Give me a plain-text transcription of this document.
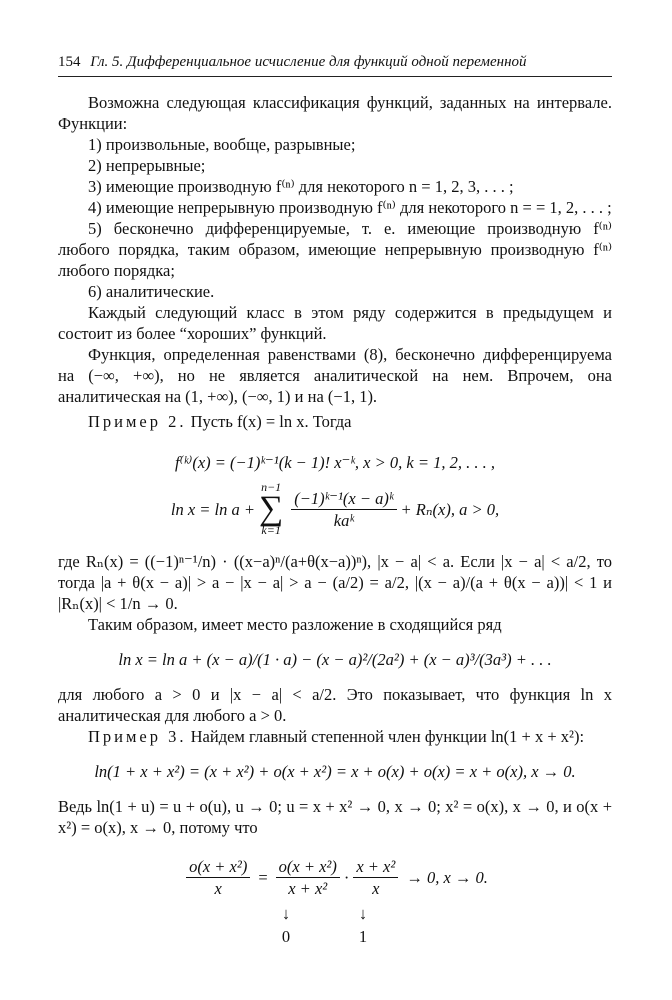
154 Гл. 5. Дифференциальное исчисление для функций одной переменной

Возможна следующая классификация функций, заданных на интервале. Функции:

1) произвольные, вообще, разрывные;

2) непрерывные;

3) имеющие производную f⁽ⁿ⁾ для некоторого n = 1, 2, 3, . . . ;

4) имеющие непрерывную производную f⁽ⁿ⁾ для некоторого n = = 1, 2, . . . ;

5) бесконечно дифференцируемые, т. е. имеющие производную f⁽ⁿ⁾ любого порядка, таким образом, имеющие непрерывную производную f⁽ⁿ⁾ любого порядка;

6) аналитические.

Каждый следующий класс в этом ряду содержится в предыдущем и состоит из более “хороших” функций.

Функция, определенная равенствами (8), бесконечно дифференцируема на (−∞, +∞), но не является аналитической на нем. Впрочем, она аналитическая на (1, +∞), (−∞, 1) и на (−1, 1).

Пример 2. Пусть f(x) = ln x. Тогда

f⁽ᵏ⁾(x) = (−1)ᵏ⁻¹(k − 1)! x⁻ᵏ, x > 0, k = 1, 2, . . . ,

ln x = ln a +
n−1
∑
$k=1 \frac{\text{(−1)ᵏ⁻¹(x − a)ᵏ}}{\text{kaᵏ}} + R_n(x)$, a > 0,

где Rₙ(x) = ((−1)ⁿ⁻¹/n) · ((x−a)ⁿ/(a+θ(x−a))ⁿ), |x − a| < a. Если |x − a| < a/2, то тогда |a + θ(x − a)| > a − |x − a| > a − (a/2) = a/2, |(x − a)/(a + θ(x − a))| < 1 и |Rₙ(x)| < 1/n → 0.

Таким образом, имеет место разложение в сходящийся ряд

ln x = ln a + (x − a)/(1 · a) − (x − a)²/(2a²) + (x − a)³/(3a³) + . . .

для любого a > 0 и |x − a| < a/2. Это показывает, что функция ln x аналитическая для любого a > 0.

Пример 3. Найдем главный степенной член функции ln(1 + x + x²):

ln(1 + x + x²) = (x + x²) + o(x + x²) = x + o(x) + o(x) = x + o(x), x → 0.

Ведь ln(1 + u) = u + o(u), u → 0; u = x + x² → 0, x → 0; x² = o(x), x → 0, и o(x + x²) = o(x), x → 0, потому что

$\frac{\text{o(x + x²)}}{x} = \frac{\text{o(x + x²)}}{\text{x + x²}} \cdot \frac{\text{x + x²}}{x} \to 0$, x → 0.
↓	↓
0	1
